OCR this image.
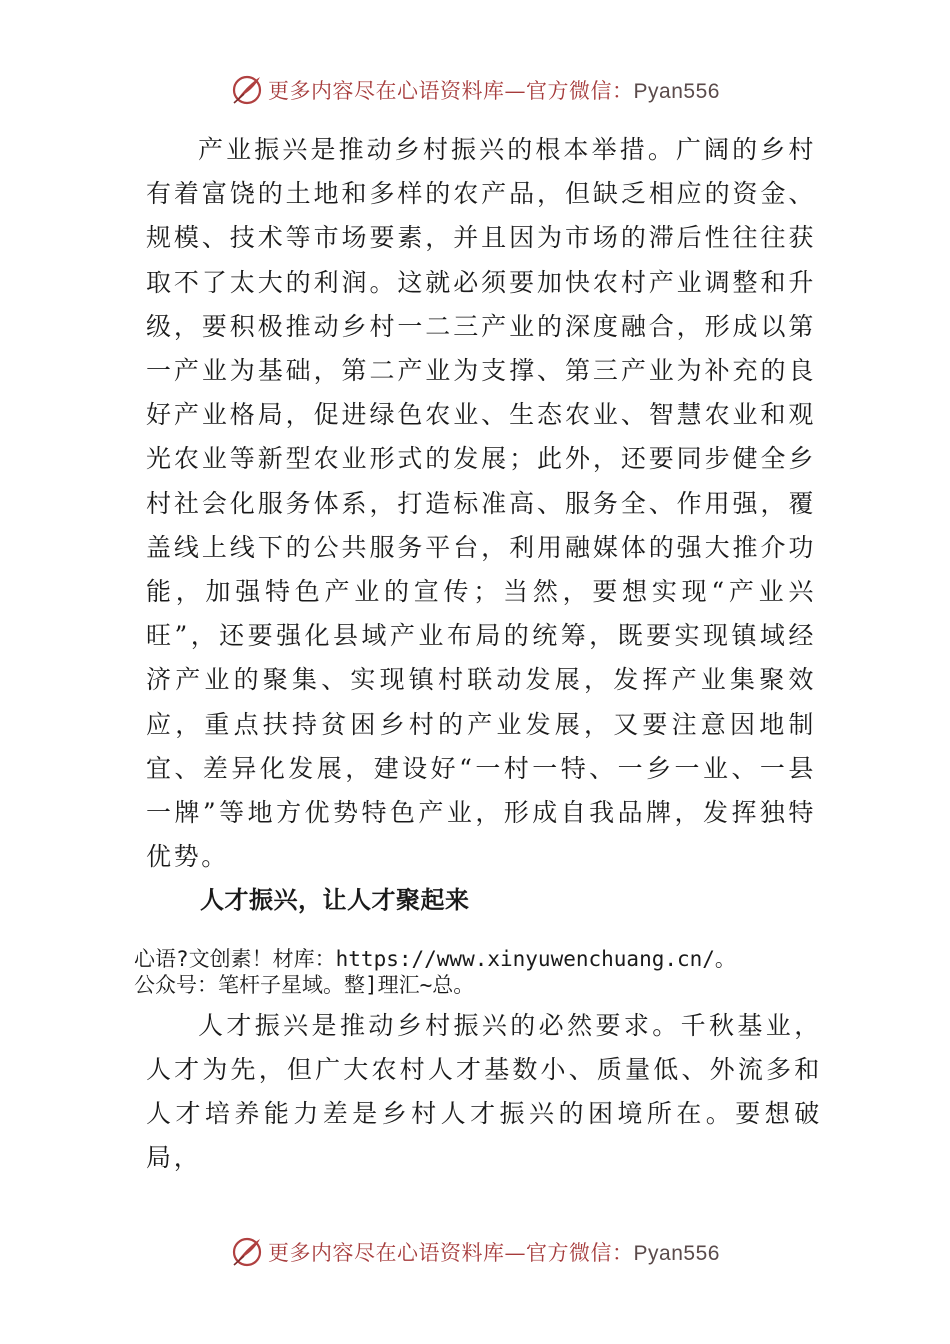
更多内容尽在心语资料库—官方微信：Pyan556

产业振兴是推动乡村振兴的根本举措。广阔的乡村有着富饶的土地和多样的农产品，但缺乏相应的资金、规模、技术等市场要素，并且因为市场的滞后性往往获取不了太大的利润。这就必须要加快农村产业调整和升级，要积极推动乡村一二三产业的深度融合，形成以第一产业为基础，第二产业为支撑、第三产业为补充的良好产业格局，促进绿色农业、生态农业、智慧农业和观光农业等新型农业形式的发展；此外，还要同步健全乡村社会化服务体系，打造标准高、服务全、作用强，覆盖线上线下的公共服务平台，利用融媒体的强大推介功能，加强特色产业的宣传；当然，要想实现“产业兴旺”，还要强化县域产业布局的统筹，既要实现镇域经济产业的聚集、实现镇村联动发展，发挥产业集聚效应，重点扶持贫困乡村的产业发展，又要注意因地制宜、差异化发展，建设好“一村一特、一乡一业、一县一牌”等地方优势特色产业，形成自我品牌，发挥独特优势。

人才振兴，让人才聚起来
心语?文创素！材库：https://www.xinyuwenchuang.cn/。
公众号：笔杆子星域。整]理汇~总。

人才振兴是推动乡村振兴的必然要求。千秋基业，人才为先，但广大农村人才基数小、质量低、外流多和人才培养能力差是乡村人才振兴的困境所在。要想破局，

更多内容尽在心语资料库—官方微信：Pyan556
